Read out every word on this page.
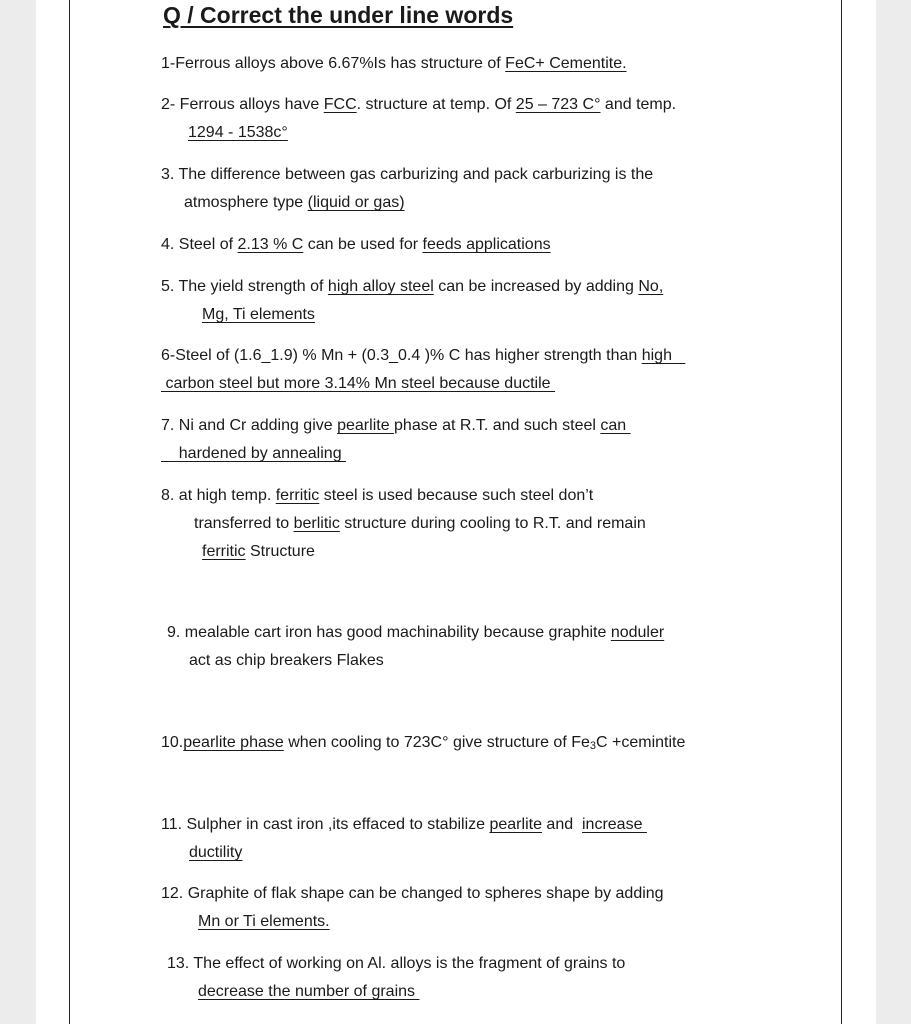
Q / Correct the under line words
1-Ferrous alloys above 6.67%Is has structure of FeC+ Cementite.
2- Ferrous alloys have FCC. structure at temp. Of 25 – 723 C° and temp.
1294 - 1538c°
3. The difference between gas carburizing and pack carburizing is the
atmosphere type (liquid or gas)
4. Steel of 2.13 % C can be used for feeds applications
5. The yield strength of high alloy steel can be increased by adding No,
Mg, Ti elements
6-Steel of (1.6_1.9) % Mn + (0.3_0.4 )% C has higher strength than high
carbon steel but more 3.14% Mn steel because ductile
7. Ni and Cr adding give pearlite phase at R.T. and such steel can
hardened by annealing
8. at high temp. ferritic steel is used because such steel don’t
transferred to berlitic structure during cooling to R.T. and remain
ferritic Structure
9. mealable cart iron has good machinability because graphite noduler
act as chip breakers Flakes
10.pearlite phase when cooling to 723C° give structure of $Fe_3C$ +cemintite
11. Sulpher in cast iron ,its effaced to stabilize pearlite and  increase
ductility
12. Graphite of flak shape can be changed to spheres shape by adding
Mn or Ti elements.
13. The effect of working on Al. alloys is the fragment of grains to
decrease the number of grains
